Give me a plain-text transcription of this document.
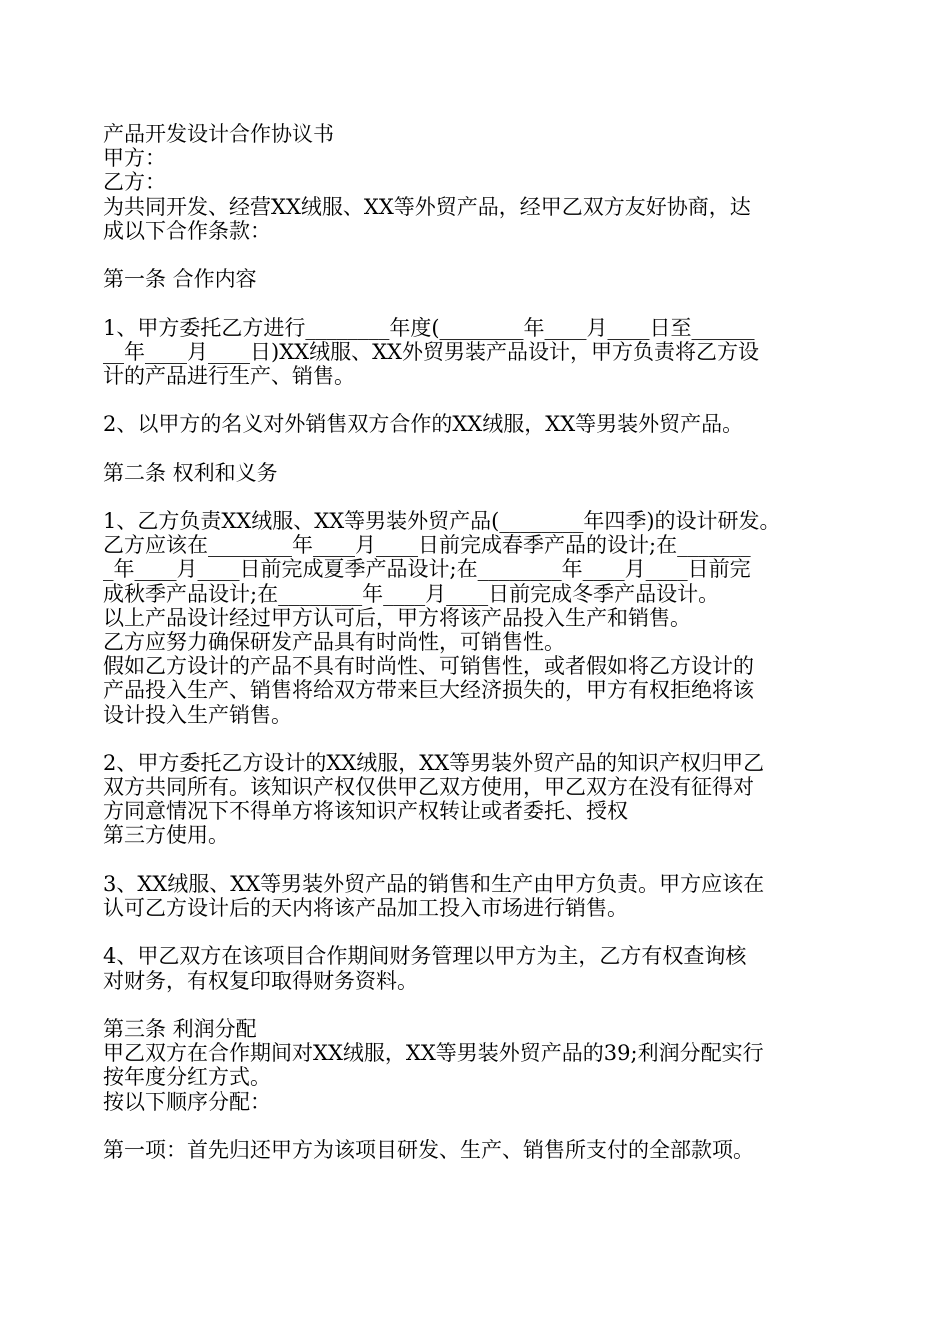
产品开发设计合作协议书
甲方：
乙方：
为共同开发、经营XX绒服、XX等外贸产品，经甲乙双方友好协商，达
成以下合作条款：
第一条 合作内容
1、甲方委托乙方进行________年度(________年____月____日至______
__年____月____日)XX绒服、XX外贸男装产品设计，甲方负责将乙方设
计的产品进行生产、销售。
2、以甲方的名义对外销售双方合作的XX绒服，XX等男装外贸产品。
第二条 权利和义务
1、乙方负责XX绒服、XX等男装外贸产品(________年四季)的设计研发。
乙方应该在________年____月____日前完成春季产品的设计;在_______
_年____月____日前完成夏季产品设计;在________年____月____日前完
成秋季产品设计;在________年____月____日前完成冬季产品设计。
以上产品设计经过甲方认可后，甲方将该产品投入生产和销售。
乙方应努力确保研发产品具有时尚性，可销售性。
假如乙方设计的产品不具有时尚性、可销售性，或者假如将乙方设计的
产品投入生产、销售将给双方带来巨大经济损失的，甲方有权拒绝将该
设计投入生产销售。
2、甲方委托乙方设计的XX绒服，XX等男装外贸产品的知识产权归甲乙
双方共同所有。该知识产权仅供甲乙双方使用，甲乙双方在没有征得对
方同意情况下不得单方将该知识产权转让或者委托、授权
第三方使用。
3、XX绒服、XX等男装外贸产品的销售和生产由甲方负责。甲方应该在
认可乙方设计后的天内将该产品加工投入市场进行销售。
4、甲乙双方在该项目合作期间财务管理以甲方为主，乙方有权查询核
对财务，有权复印取得财务资料。
第三条 利润分配
甲乙双方在合作期间对XX绒服，XX等男装外贸产品的39;利润分配实行
按年度分红方式。
按以下顺序分配：
第一项：首先归还甲方为该项目研发、生产、销售所支付的全部款项。
